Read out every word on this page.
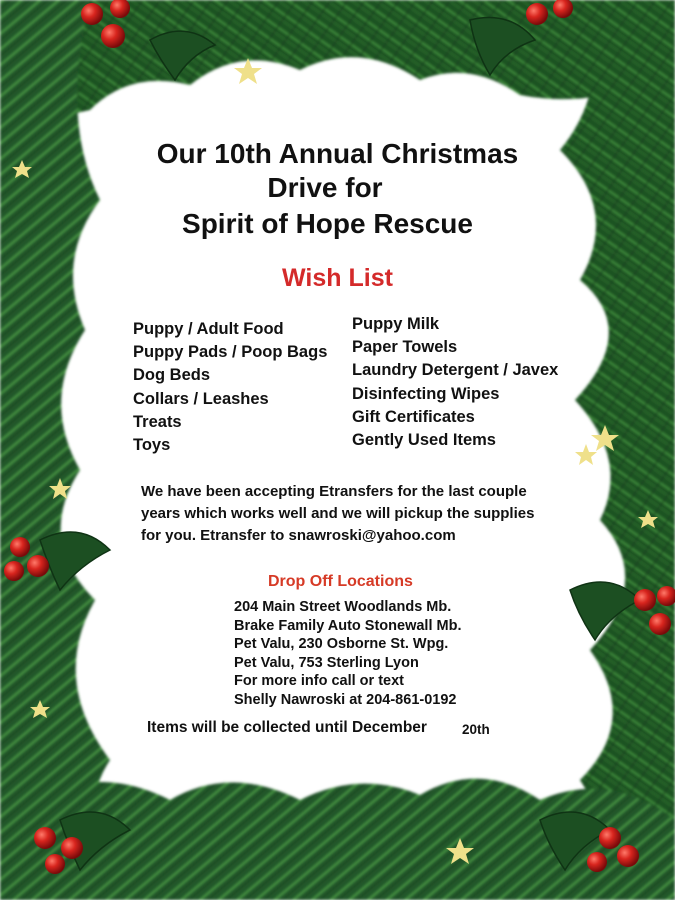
Our 10th Annual Christmas
Drive for
Spirit of Hope Rescue
Wish List
Puppy / Adult Food
Puppy Pads / Poop Bags
Dog Beds
Collars / Leashes
Treats
Toys
Puppy Milk
Paper Towels
Laundry Detergent / Javex
Disinfecting Wipes
Gift Certificates
Gently Used Items
We have been accepting Etransfers for the last couple
years which works well and we will pickup the supplies
for you. Etransfer to snawroski@yahoo.com
Drop Off Locations
204 Main Street Woodlands Mb.
Brake Family Auto Stonewall Mb.
Pet Valu, 230 Osborne St. Wpg.
Pet Valu, 753 Sterling Lyon
For more info call or text
Shelly Nawroski at 204-861-0192
Items will be collected until December	20th
